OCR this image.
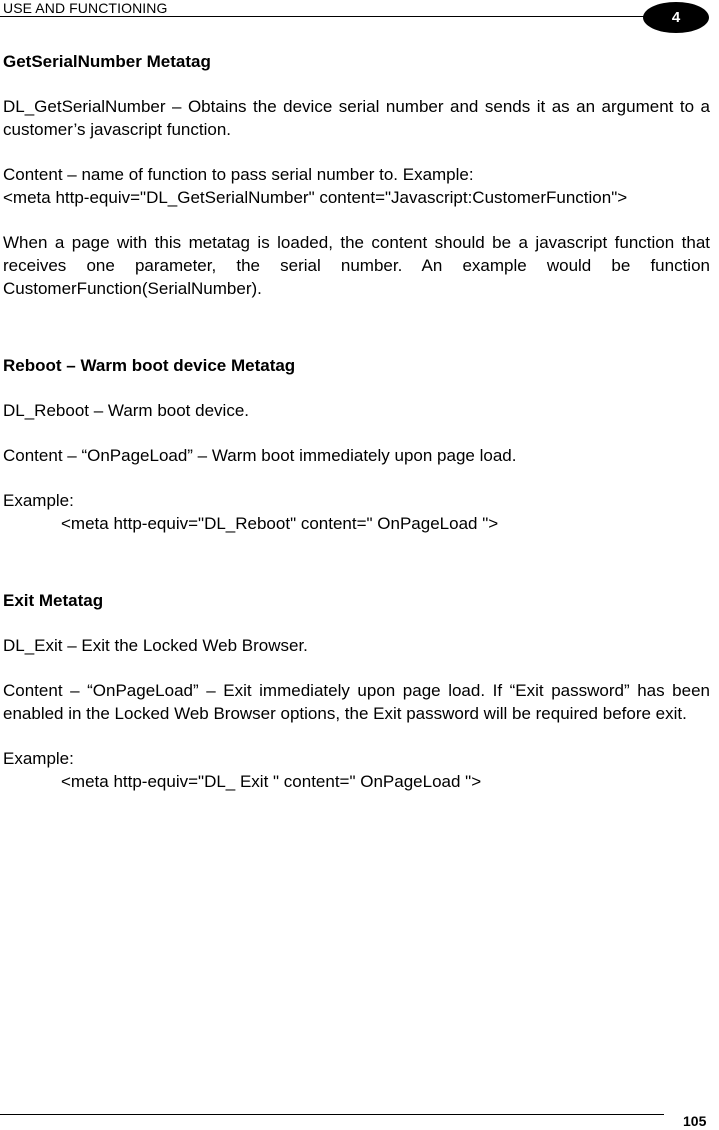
USE AND FUNCTIONING
4

GetSerialNumber Metatag

DL_GetSerialNumber – Obtains the device serial number and sends it as an argument to a customer’s javascript function.

Content – name of function to pass serial number to. Example:

<meta http-equiv="DL_GetSerialNumber" content="Javascript:CustomerFunction">

When a page with this metatag is loaded, the content should be a javascript function that receives one parameter, the serial number. An example would be function CustomerFunction(SerialNumber).

Reboot – Warm boot device Metatag

DL_Reboot – Warm boot device.

Content – “OnPageLoad” – Warm boot immediately upon page load.

Example:

<meta http-equiv="DL_Reboot" content=" OnPageLoad ">

Exit Metatag

DL_Exit – Exit the Locked Web Browser.

Content – “OnPageLoad” – Exit immediately upon page load. If “Exit password” has been enabled in the Locked Web Browser options, the Exit password will be required before exit.

Example:

<meta http-equiv="DL_ Exit " content=" OnPageLoad ">

105
